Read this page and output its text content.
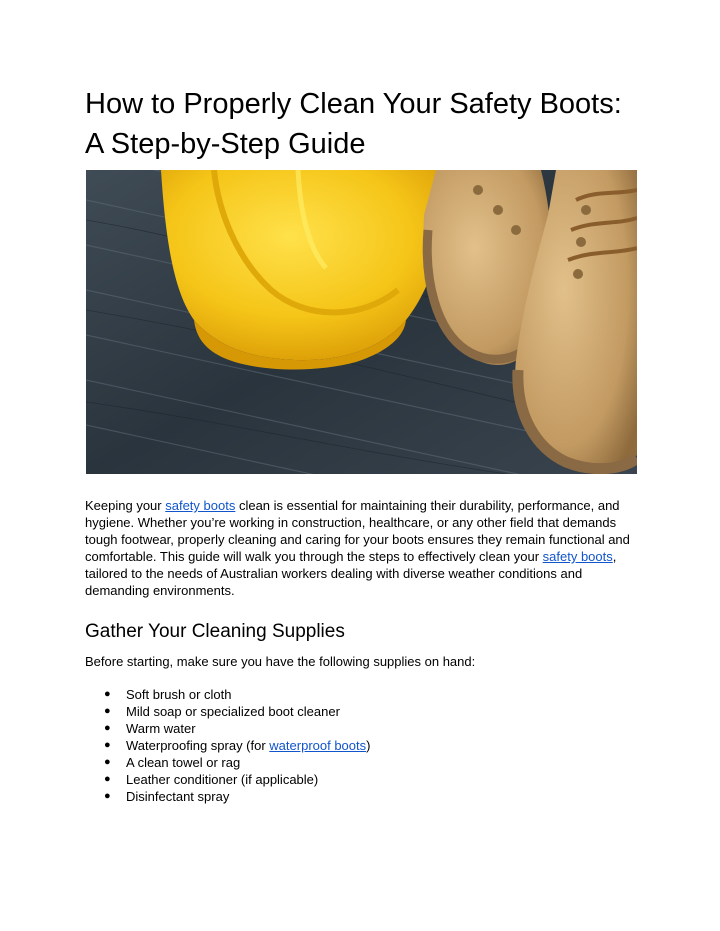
How to Properly Clean Your Safety Boots: A Step-by-Step Guide

Keeping your safety boots clean is essential for maintaining their durability, performance, and hygiene. Whether you’re working in construction, healthcare, or any other field that demands tough footwear, properly cleaning and caring for your boots ensures they remain functional and comfortable. This guide will walk you through the steps to effectively clean your safety boots, tailored to the needs of Australian workers dealing with diverse weather conditions and demanding environments.

Gather Your Cleaning Supplies

Before starting, make sure you have the following supplies on hand:

● Soft brush or cloth
● Mild soap or specialized boot cleaner
● Warm water
● Waterproofing spray (for waterproof boots)
● A clean towel or rag
● Leather conditioner (if applicable)
● Disinfectant spray
